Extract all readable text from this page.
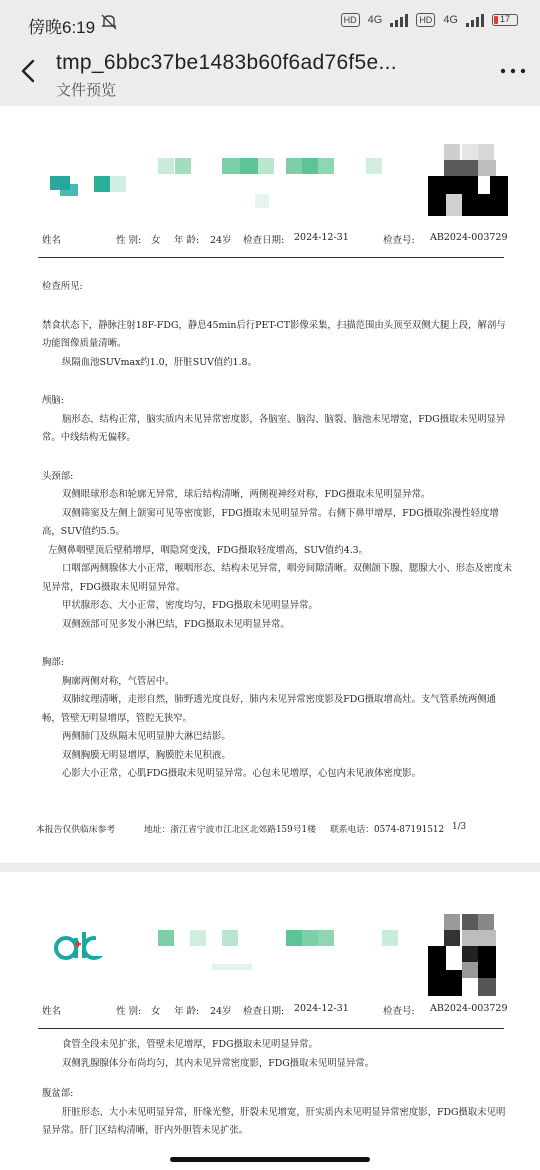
傍晚6:19	HD 4G	HD 4G	17
tmp_6bbc37be1483b60f6ad76f5e...
文件预览
姓名	性 别: 女 年 龄: 24岁 检查日期: 2024-12-31	检查号: AB2024-003729

检查所见:

禁食状态下，静脉注射18F-FDG，静息45min后行PET-CT影像采集，扫描范围由头顶至双侧大腿上段，解剖与功能图像质量清晰。

纵隔血池SUVmax约1.0，肝脏SUV值约1.8。

颅脑:

脑形态、结构正常，脑实质内未见异常密度影，各脑室、脑沟、脑裂、脑池未见增宽，FDG摄取未见明显异常。中线结构无偏移。

头颈部:

双侧眼球形态和轮廓无异常，球后结构清晰，两侧视神经对称，FDG摄取未见明显异常。

双侧筛窦及左侧上颌窦可见等密度影，FDG摄取未见明显异常。右侧下鼻甲增厚，FDG摄取弥漫性轻度增高，SUV值约5.5。

左侧鼻咽壁顶后壁稍增厚，咽隐窝变浅，FDG摄取轻度增高，SUV值约4.3。

口咽部两侧腺体大小正常，喉咽形态、结构未见异常，咽旁间隙清晰。双侧颌下腺、腮腺大小、形态及密度未见异常，FDG摄取未见明显异常。

甲状腺形态、大小正常，密度均匀，FDG摄取未见明显异常。

双侧颈部可见多发小淋巴结，FDG摄取未见明显异常。

胸部:

胸廓两侧对称，气管居中。

双肺纹理清晰，走形自然，肺野透光度良好，肺内未见异常密度影及FDG摄取增高灶。支气管系统两侧通畅，管壁无明显增厚，管腔无狭窄。

两侧肺门及纵隔未见明显肿大淋巴结影。

双侧胸膜无明显增厚，胸膜腔未见积液。

心影大小正常，心肌FDG摄取未见明显异常。心包未见增厚，心包内未见液体密度影。

本报告仅供临床参考	地址：浙江省宁波市江北区北郊路159号1楼 联系电话：0574-87191512 1/3
姓名	性 别: 女 年 龄: 24岁 检查日期: 2024-12-31	检查号: AB2024-003729

食管全段未见扩张，管壁未见增厚，FDG摄取未见明显异常。

双侧乳腺腺体分布尚均匀，其内未见异常密度影，FDG摄取未见明显异常。

腹盆部:

肝脏形态、大小未见明显异常，肝缘光整，肝裂未见增宽，肝实质内未见明显异常密度影，FDG摄取未见明显异常。肝门区结构清晰，肝内外胆管未见扩张。
